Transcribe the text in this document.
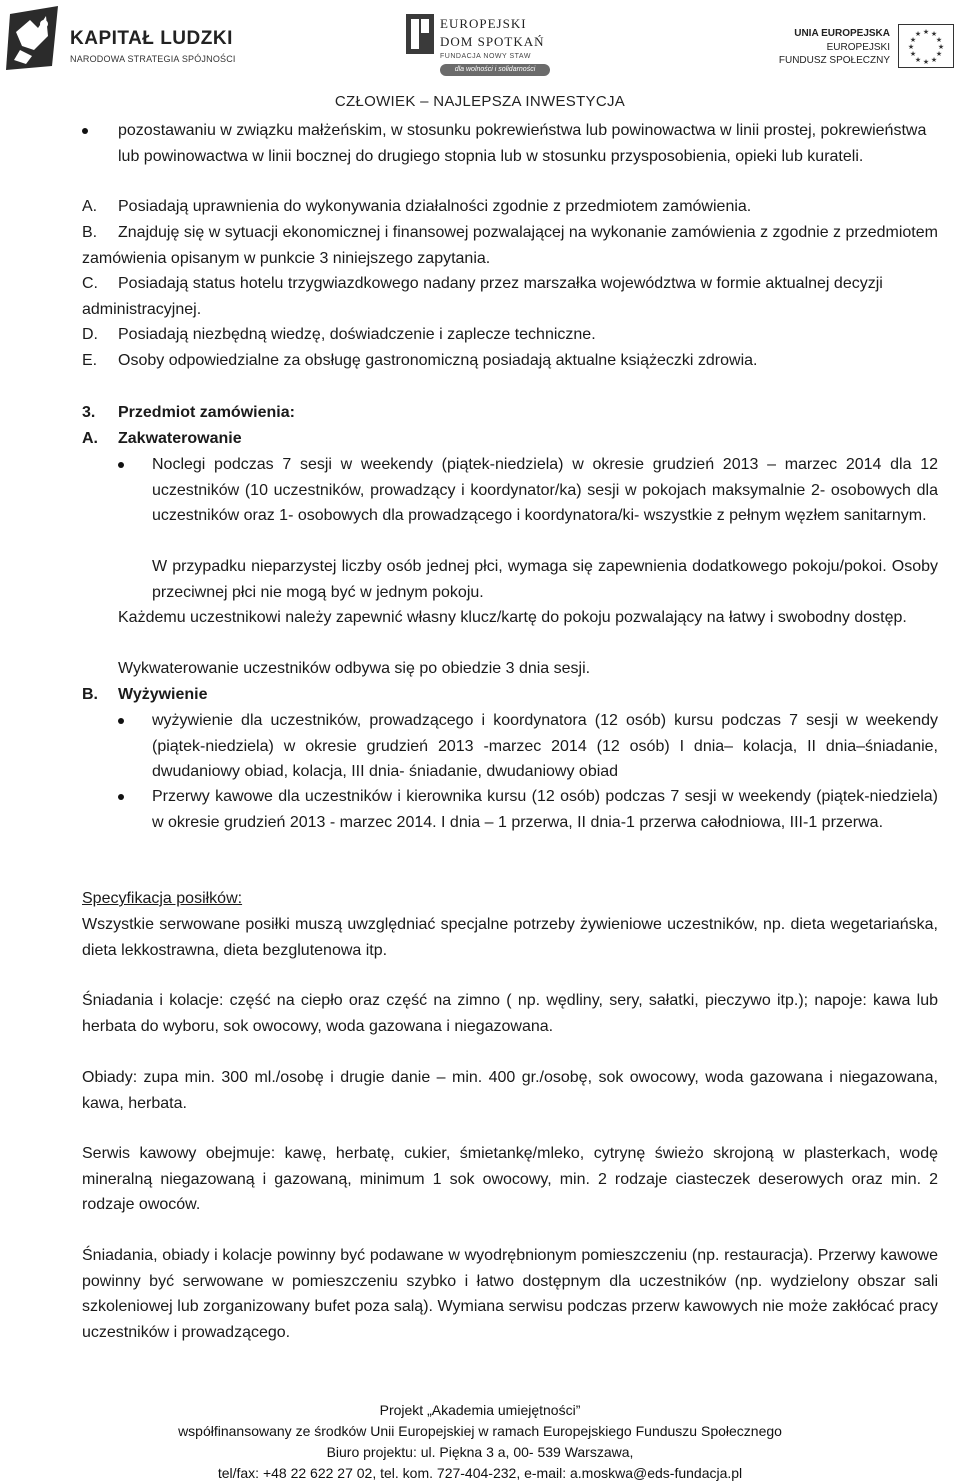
KAPITAŁ LUDZKI
NARODOWA STRATEGIA SPÓJNOŚCI
EUROPEJSKI
DOM SPOTKAŃ
FUNDACJA NOWY STAW
dla wolności i solidarności
UNIA EUROPEJSKA
EUROPEJSKI
FUNDUSZ SPOŁECZNY
★ ★
★
★
★
★
★
★
★
★
★
★
CZŁOWIEK – NAJLEPSZA INWESTYCJA
pozostawaniu w związku małżeńskim, w stosunku pokrewieństwa lub powinowactwa w linii prostej, pokrewieństwa lub powinowactwa w linii bocznej do drugiego stopnia lub w stosunku przysposobienia, opieki lub kurateli.
A. Posiadają uprawnienia do wykonywania działalności zgodnie z przedmiotem zamówienia.
B.	Znajduję się w sytuacji ekonomicznej i finansowej pozwalającej na wykonanie zamówienia z zgodnie z przedmiotem zamówienia opisanym w punkcie 3 niniejszego zapytania.
C.	Posiadają status hotelu trzygwiazdkowego nadany przez marszałka województwa w formie aktualnej decyzji administracyjnej.
D. Posiadają niezbędną wiedzę, doświadczenie i zaplecze techniczne.
E. Osoby odpowiedzialne za obsługę gastronomiczną posiadają aktualne książeczki zdrowia.
3. Przedmiot zamówienia:
A. Zakwaterowanie
Noclegi podczas 7 sesji w weekendy (piątek-niedziela) w okresie grudzień 2013 – marzec 2014 dla 12 uczestników (10 uczestników, prowadzący i koordynator/ka) sesji w pokojach maksymalnie 2- osobowych dla uczestników oraz 1- osobowych dla prowadzącego i koordynatora/ki- wszystkie z pełnym węzłem sanitarnym.
W przypadku nieparzystej liczby osób jednej płci, wymaga się zapewnienia dodatkowego pokoju/pokoi. Osoby przeciwnej płci nie mogą być w jednym pokoju.
Każdemu uczestnikowi należy zapewnić własny klucz/kartę do pokoju pozwalający na łatwy i swobodny dostęp.
Wykwaterowanie uczestników odbywa się po obiedzie 3 dnia sesji.
B. Wyżywienie
wyżywienie dla uczestników, prowadzącego i koordynatora (12 osób) kursu podczas 7 sesji w weekendy (piątek-niedziela) w okresie grudzień 2013 -marzec 2014 (12 osób) I dnia– kolacja, II dnia–śniadanie, dwudaniowy obiad, kolacja, III dnia- śniadanie, dwudaniowy obiad
Przerwy kawowe dla uczestników i kierownika kursu (12 osób) podczas 7 sesji w weekendy (piątek-niedziela) w okresie grudzień 2013 - marzec 2014. I dnia – 1 przerwa, II dnia-1 przerwa całodniowa, III-1 przerwa.
Specyfikacja posiłków:
Wszystkie serwowane posiłki muszą uwzględniać specjalne potrzeby żywieniowe uczestników, np. dieta wegetariańska, dieta lekkostrawna, dieta bezglutenowa itp.
Śniadania i kolacje: część na ciepło oraz część na zimno ( np. wędliny, sery, sałatki, pieczywo itp.); napoje: kawa lub herbata do wyboru, sok owocowy, woda gazowana i niegazowana.
Obiady: zupa min. 300 ml./osobę i drugie danie – min. 400 gr./osobę, sok owocowy, woda gazowana i niegazowana, kawa, herbata.
Serwis kawowy obejmuje: kawę, herbatę, cukier, śmietankę/mleko, cytrynę świeżo skrojoną w plasterkach, wodę mineralną niegazowaną i gazowaną, minimum 1 sok owocowy, min. 2 rodzaje ciasteczek deserowych oraz min. 2 rodzaje owoców.
Śniadania, obiady i kolacje powinny być podawane w wyodrębnionym pomieszczeniu (np. restauracja). Przerwy kawowe powinny być serwowane w pomieszczeniu szybko i łatwo dostępnym dla uczestników (np. wydzielony obszar sali szkoleniowej lub zorganizowany bufet poza salą). Wymiana serwisu podczas przerw kawowych nie może zakłócać pracy uczestników i prowadzącego.
Projekt „Akademia umiejętności”
współfinansowany ze środków Unii Europejskiej w ramach Europejskiego Funduszu Społecznego
Biuro projektu: ul. Piękna 3 a, 00- 539 Warszawa,
tel/fax: +48 22 622 27 02, tel. kom. 727-404-232, e-mail: a.moskwa@eds-fundacja.pl
